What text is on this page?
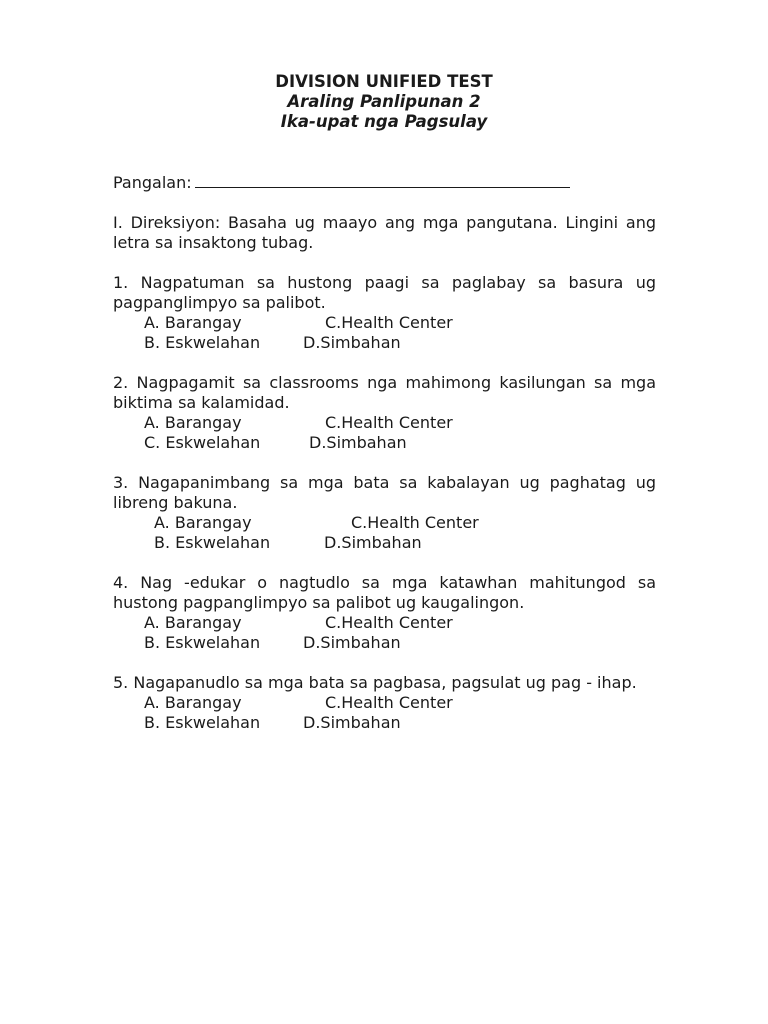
DIVISION UNIFIED TEST
Araling Panlipunan 2
Ika-upat nga Pagsulay
Pangalan:

I. Direksiyon: Basaha ug maayo ang mga pangutana. Lingini ang letra sa insaktong tubag.

1. Nagpatuman sa hustong paagi sa paglabay sa basura ug pagpanglimpyo sa palibot.

A. Barangay	C.Health Center
B. Eskwelahan	D.Simbahan

2. Nagpagamit sa classrooms nga mahimong kasilungan sa mga biktima sa kalamidad.

A. Barangay	C.Health Center
C. Eskwelahan	D.Simbahan

3. Nagapanimbang sa mga bata sa kabalayan ug paghatag ug libreng bakuna.

A. Barangay	C.Health Center
B. Eskwelahan	D.Simbahan

4. Nag -edukar o nagtudlo sa mga katawhan mahitungod sa hustong pagpanglimpyo sa palibot ug kaugalingon.

A. Barangay	C.Health Center
B. Eskwelahan	D.Simbahan

5. Nagapanudlo sa mga bata sa pagbasa, pagsulat ug pag - ihap.

A. Barangay	C.Health Center
B. Eskwelahan	D.Simbahan
